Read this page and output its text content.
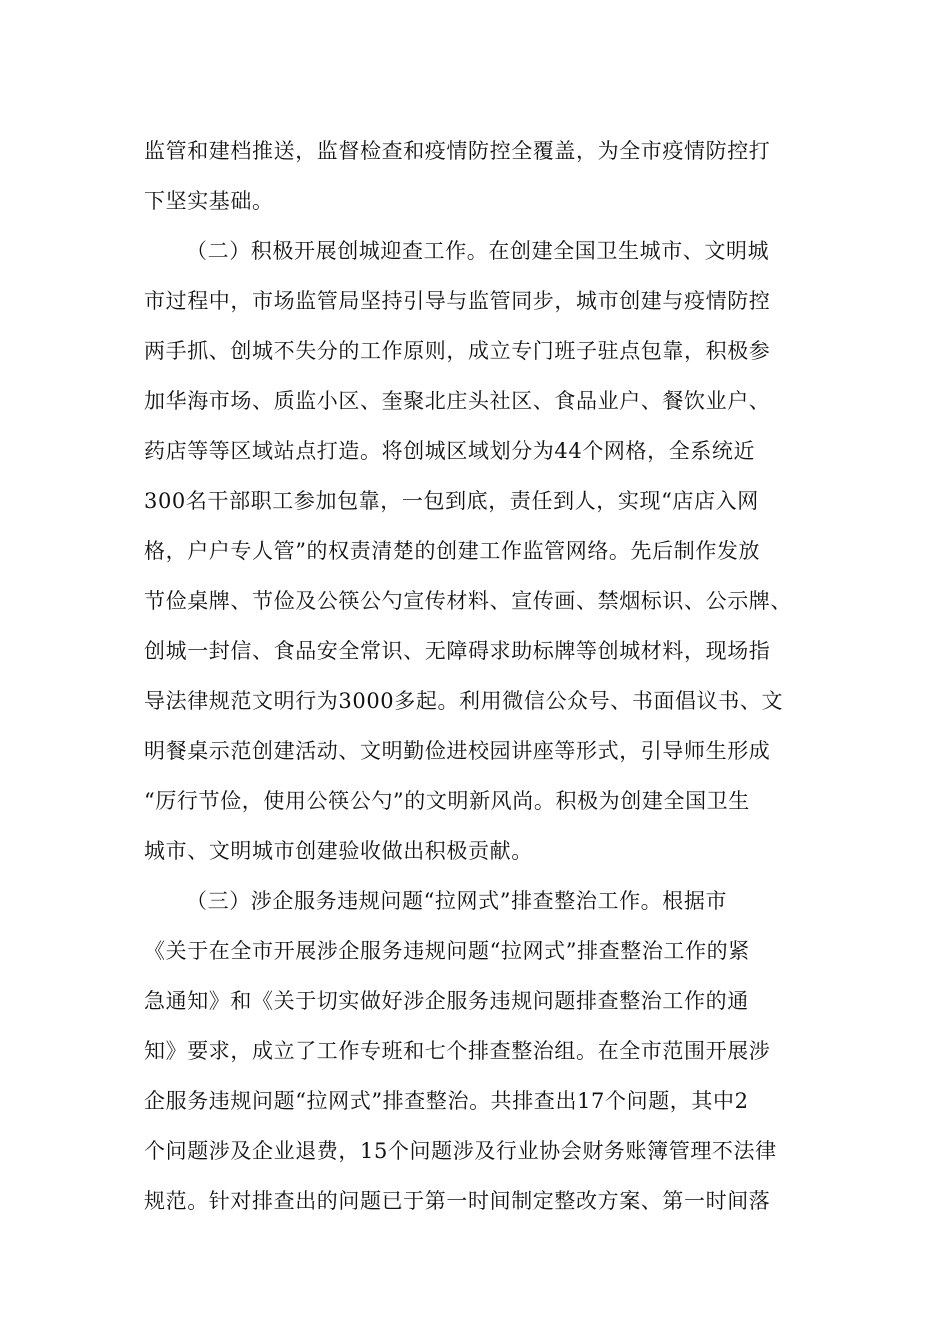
监管和建档推送，监督检查和疫情防控全覆盖，为全市疫情防控打
下坚实基础。
（二）积极开展创城迎查工作。在创建全国卫生城市、文明城
市过程中，市场监管局坚持引导与监管同步，城市创建与疫情防控
两手抓、创城不失分的工作原则，成立专门班子驻点包靠，积极参
加华海市场、质监小区、奎聚北庄头社区、食品业户、餐饮业户、
药店等等区域站点打造。将创城区域划分为44个网格，全系统近
300名干部职工参加包靠，一包到底，责任到人，实现“店店入网
格，户户专人管”的权责清楚的创建工作监管网络。先后制作发放
节俭桌牌、节俭及公筷公勺宣传材料、宣传画、禁烟标识、公示牌、
创城一封信、食品安全常识、无障碍求助标牌等创城材料，现场指
导法律规范文明行为3000多起。利用微信公众号、书面倡议书、文
明餐桌示范创建活动、文明勤俭进校园讲座等形式，引导师生形成
“厉行节俭，使用公筷公勺”的文明新风尚。积极为创建全国卫生
城市、文明城市创建验收做出积极贡献。
（三）涉企服务违规问题“拉网式”排查整治工作。根据市
《关于在全市开展涉企服务违规问题“拉网式”排查整治工作的紧
急通知》和《关于切实做好涉企服务违规问题排查整治工作的通
知》要求，成立了工作专班和七个排查整治组。在全市范围开展涉
企服务违规问题“拉网式”排查整治。共排查出17个问题，其中2
个问题涉及企业退费，15个问题涉及行业协会财务账簿管理不法律
规范。针对排查出的问题已于第一时间制定整改方案、第一时间落
